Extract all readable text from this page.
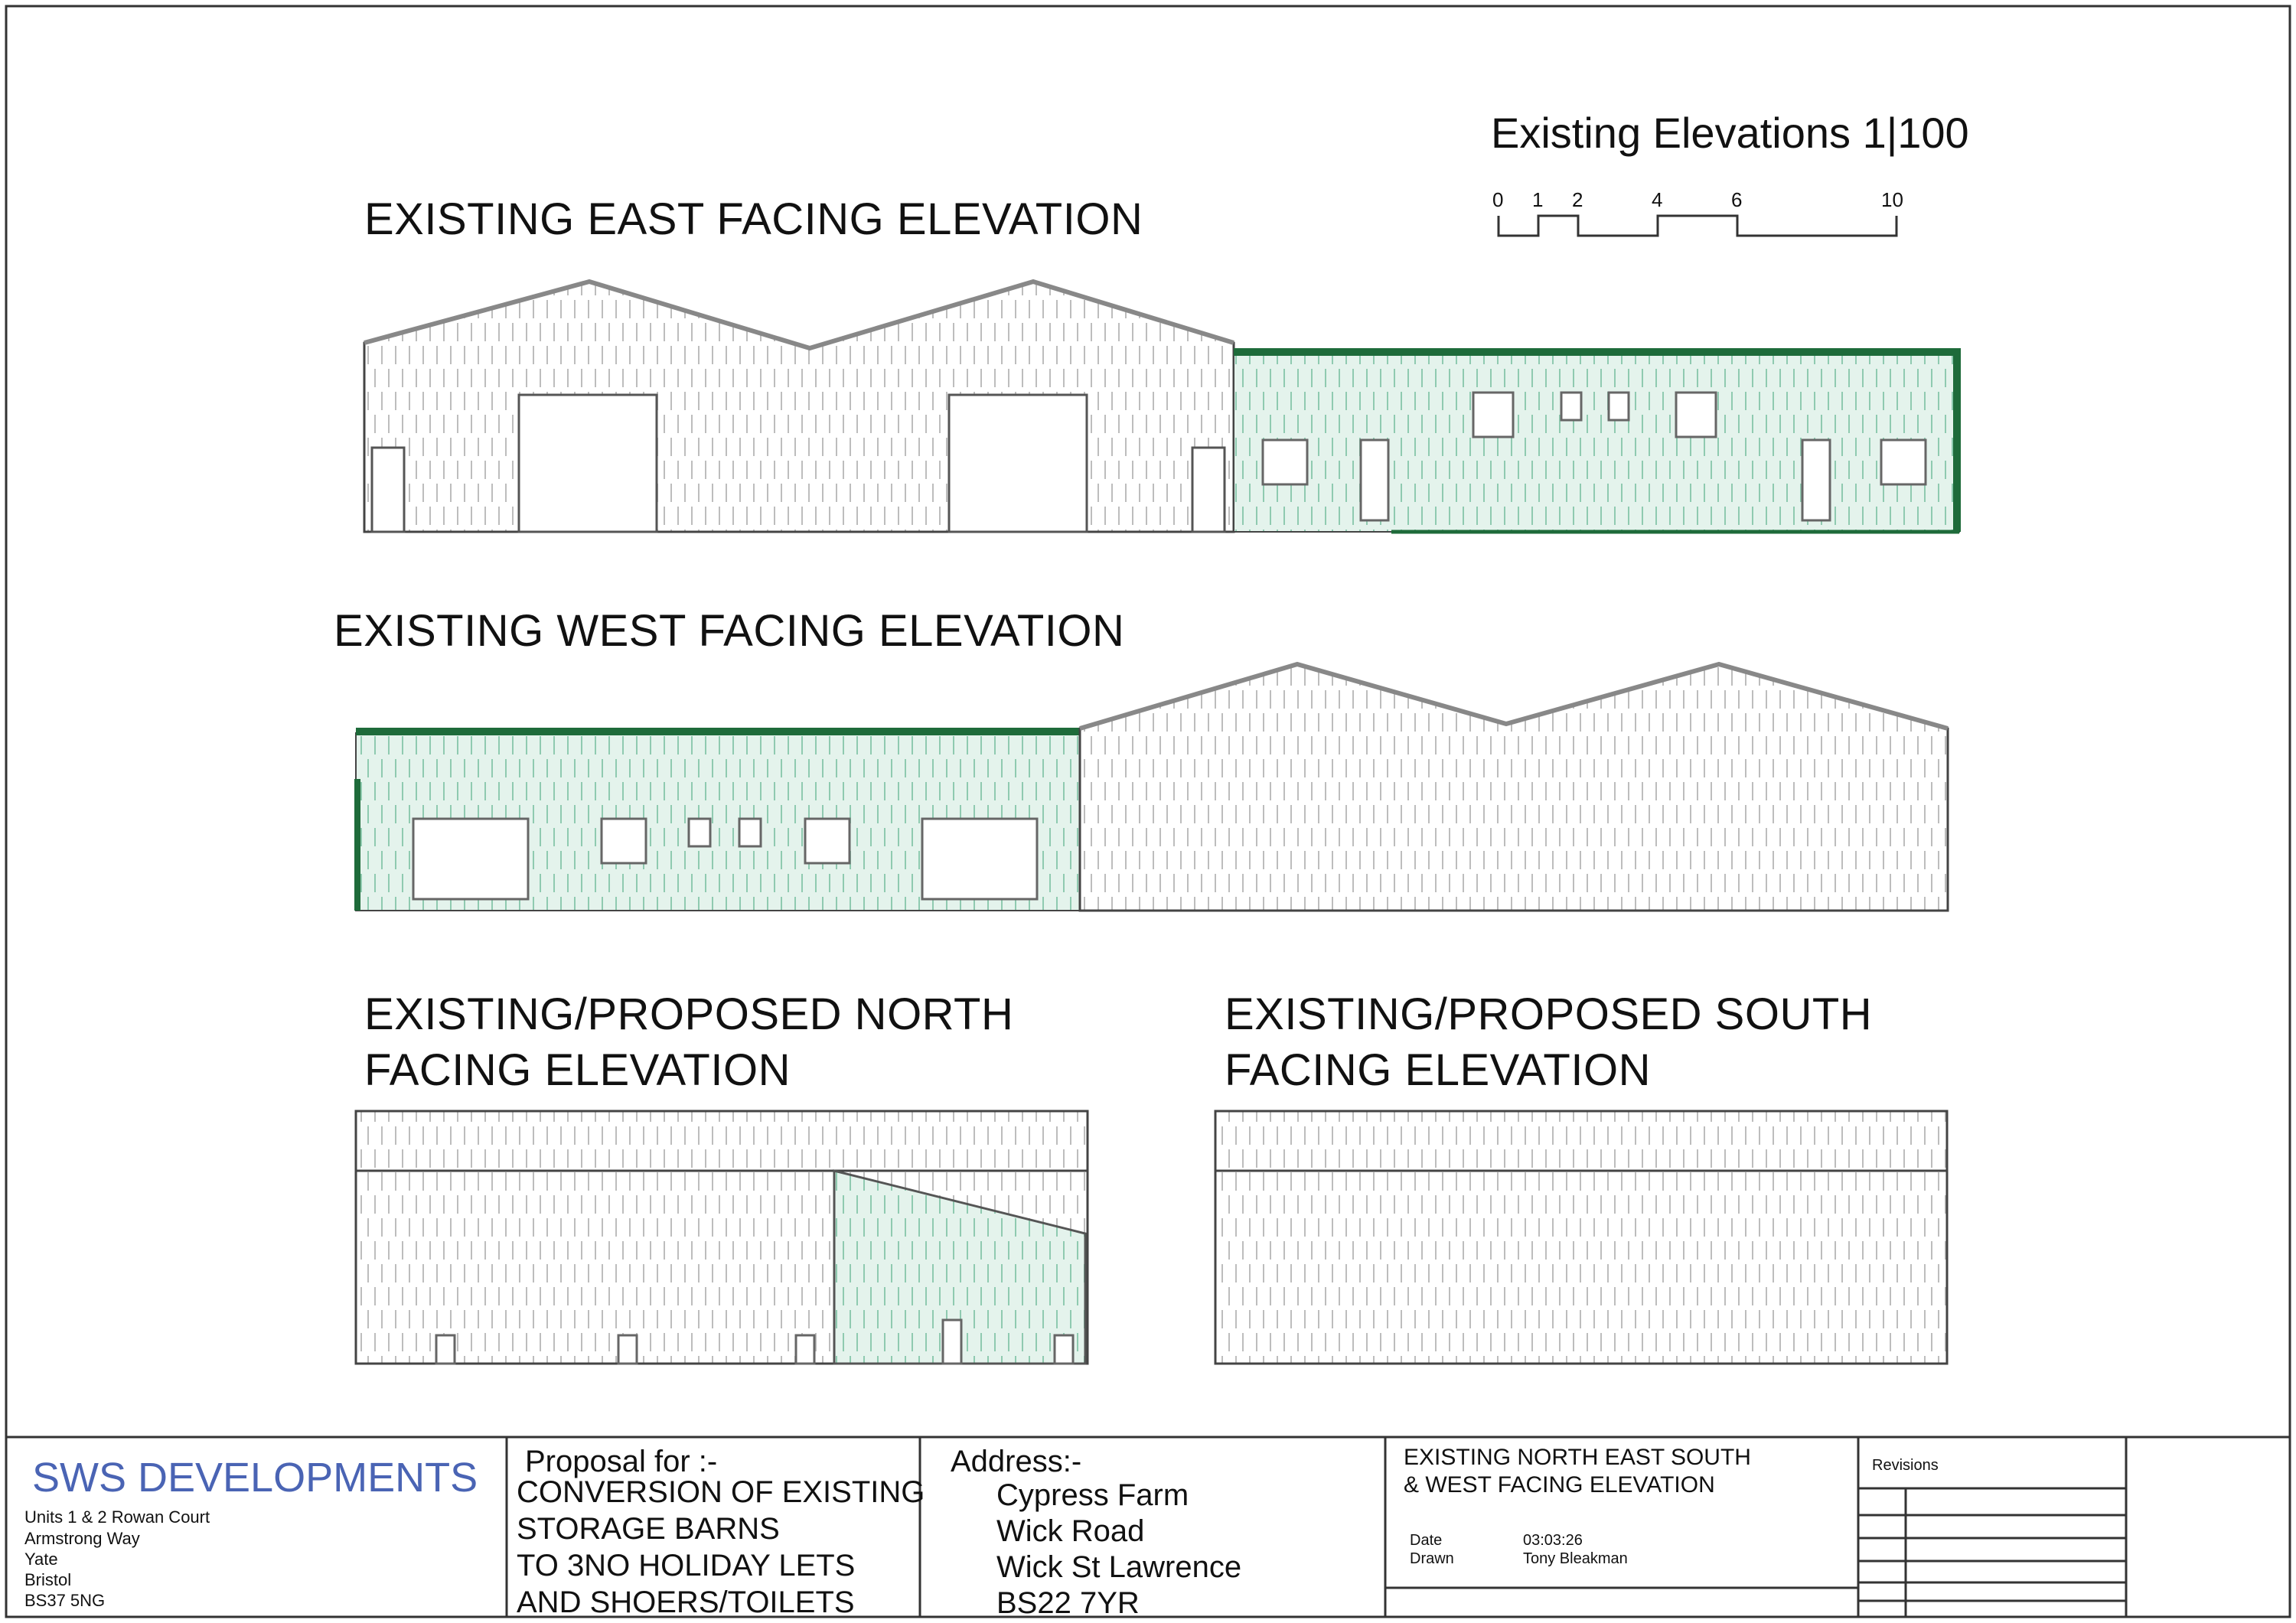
Existing Elevations 1|100
0 1 2	4	6	10
EXISTING EAST FACING ELEVATION
EXISTING WEST FACING ELEVATION
EXISTING/PROPOSED NORTH
FACING ELEVATION
EXISTING/PROPOSED SOUTH
FACING ELEVATION
SWS DEVELOPMENTS
Units 1 & 2 Rowan Court
Armstrong Way
Yate
Bristol
BS37 5NG
Proposal for :-
CONVERSION OF EXISTING
STORAGE BARNS
TO 3NO HOLIDAY LETS
AND SHOERS/TOILETS
Address:-
Cypress Farm
Wick Road
Wick St Lawrence
BS22 7YR
EXISTING NORTH EAST SOUTH
& WEST FACING ELEVATION
Date	03:03:26
Drawn	Tony Bleakman
Revisions
